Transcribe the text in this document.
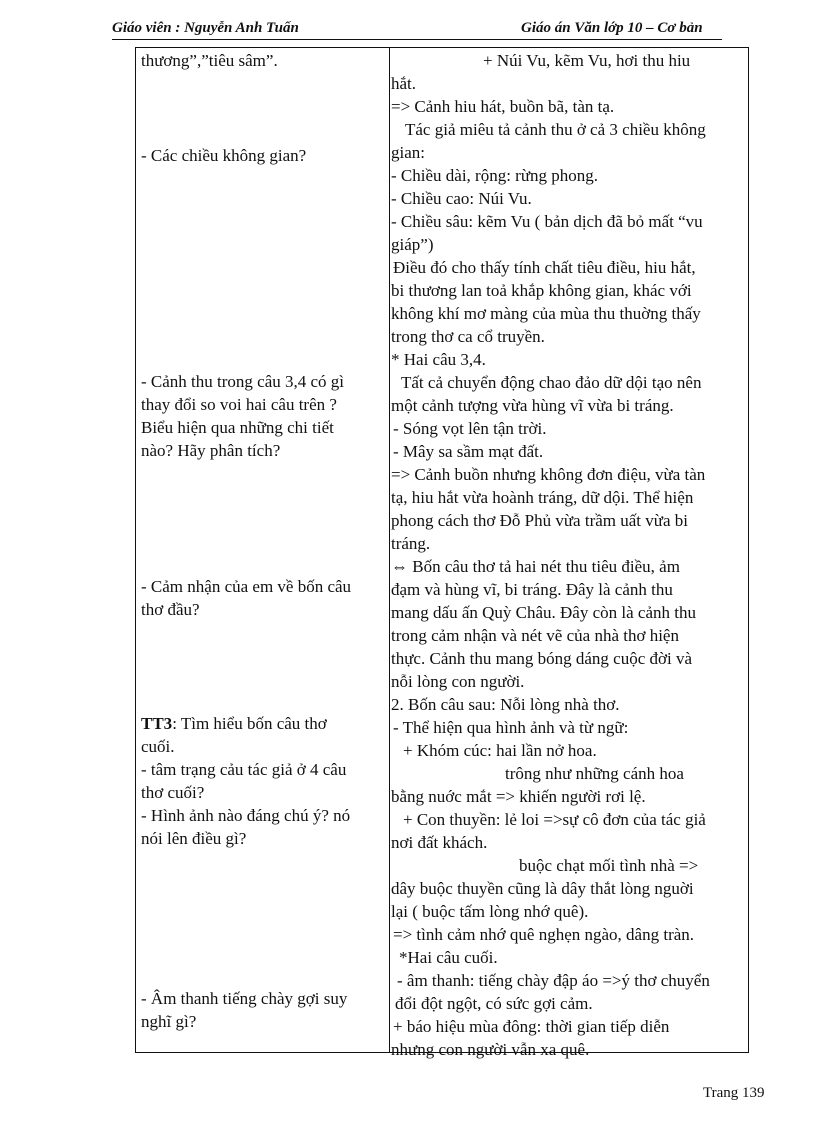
Giáo viên : Nguyễn Anh Tuấn	Giáo án Văn lớp 10 – Cơ bản
thương”,”tiêu sâm”.
- Các chiều không gian?
- Cảnh thu trong câu 3,4 có gì
thay đổi so voi hai câu trên ?
Biểu hiện qua những chi tiết
nào? Hãy phân tích?
- Cảm nhận của em về bốn câu
thơ đầu?
TT3: Tìm hiểu bốn câu thơ
cuối.
- tâm trạng cảu tác giả ở 4 câu
thơ cuối?
- Hình ảnh nào đáng chú ý? nó
nói lên điều gì?
- Âm thanh tiếng chày gợi suy
nghĩ gì?
+ Núi Vu, kẽm Vu, hơi thu hiu
hắt.
=> Cảnh hiu hát, buồn bã, tàn tạ.
Tác giả miêu tả cảnh thu ở cả 3 chiều không
gian:
- Chiều dài, rộng: rừng phong.
- Chiều cao: Núi Vu.
- Chiều sâu: kẽm Vu ( bản dịch đã bỏ mất “vu
giáp”)
Điều đó cho thấy tính chất tiêu điều, hiu hắt,
bi thương lan toả khắp không gian, khác với
không khí mơ màng của mùa thu thuờng thấy
trong thơ ca cổ truyền.
* Hai câu 3,4.
Tất cả chuyển động chao đảo dữ dội tạo nên
một cảnh tượng vừa hùng vĩ vừa bi tráng.
- Sóng vọt lên tận trời.
- Mây sa sầm mạt đất.
=> Cảnh buồn nhưng không đơn điệu, vừa tàn
tạ, hiu hắt vừa hoành tráng, dữ dội. Thể hiện
phong cách thơ Đỗ Phủ vừa trầm uất vừa bi
tráng.
⇔ Bốn câu thơ tả hai nét thu tiêu điều, ảm
đạm và hùng vĩ, bi tráng. Đây là cảnh thu
mang dấu ấn Quỳ Châu. Đây còn là cảnh thu
trong cảm nhận và nét vẽ của nhà thơ hiện
thực. Cảnh thu mang bóng dáng cuộc đời và
nỗi lòng con người.
2. Bốn câu sau: Nỗi lòng nhà thơ.
- Thể hiện qua hình ảnh và từ ngữ:
+ Khóm cúc: hai lần nở hoa.
trông như những cánh hoa
bằng nuớc mắt => khiến người rơi lệ.
+ Con thuyền: lẻ loi =>sự cô đơn của tác giả
nơi đất khách.
buộc chạt mối tình nhà =>
dây buộc thuyền cũng là dây thắt lòng nguời
lại ( buộc tấm lòng nhớ quê).
=> tình cảm nhớ quê nghẹn ngào, dâng tràn.
*Hai câu cuối.
- âm thanh: tiếng chày đập áo =>ý thơ chuyển
đổi đột ngột, có sức gợi cảm.
+ báo hiệu mùa đông: thời gian tiếp diễn
nhưng con người vẫn xa quê.
Trang 139
